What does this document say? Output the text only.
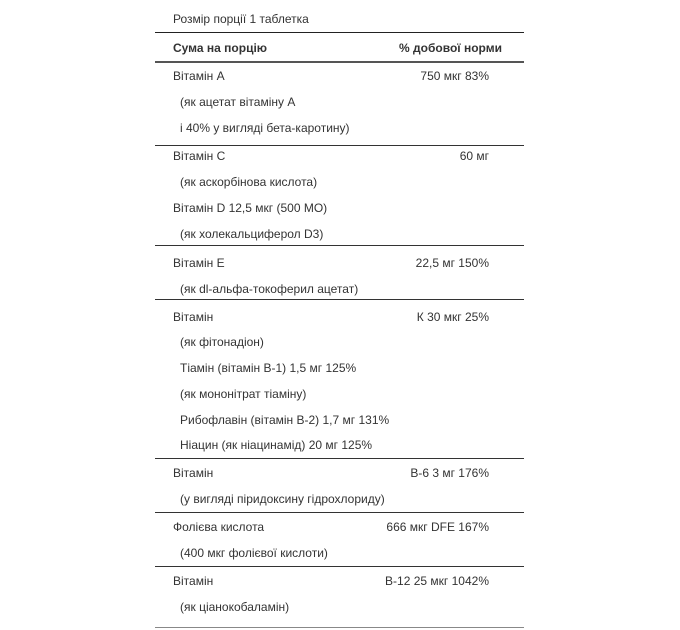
Розмір порції 1 таблетка
Сума на порцію	% добової норми
Вітамін А	750 мкг 83%
(як ацетат вітаміну А
і 40% у вигляді бета-каротину)
Вітамін C	60 мг
(як аскорбінова кислота)
Вітамін D 12,5 мкг (500 МО)
(як холекальциферол D3)
Вітамін Е	22,5 мг 150%
(як dl-альфа-токоферил ацетат)
Вітамін	К 30 мкг 25%
(як фітонадіон)
Тіамін (вітамін В-1) 1,5 мг 125%
(як мононітрат тіаміну)
Рибофлавін (вітамін В-2) 1,7 мг 131%
Ніацин (як ніацинамід) 20 мг 125%
Вітамін	В-6 3 мг 176%
(у вигляді піридоксину гідрохлориду)
Фолієва кислота	666 мкг DFE 167%
(400 мкг фолієвої кислоти)
Вітамін	В-12 25 мкг 1042%
(як ціанокобаламін)
